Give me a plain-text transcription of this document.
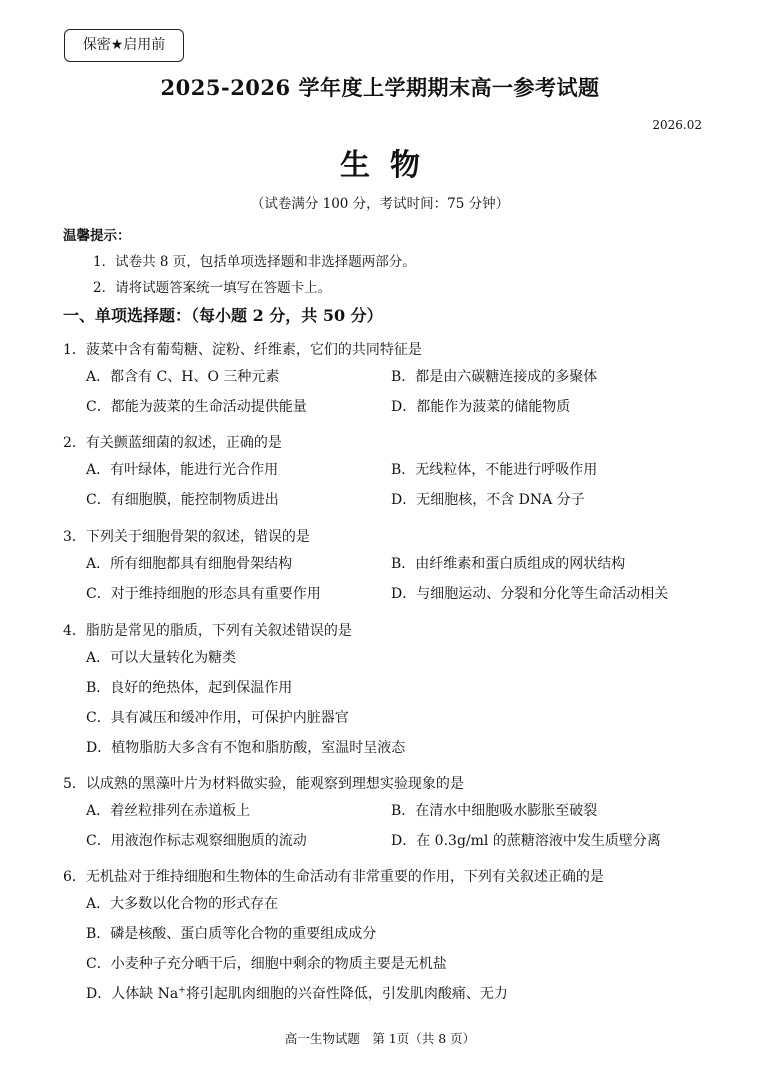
保密★启用前
2025-2026 学年度上学期期末高一参考试题
2026.02
生物
（试卷满分 100 分，考试时间：75 分钟）
温馨提示：
1．试卷共 8 页，包括单项选择题和非选择题两部分。
2．请将试题答案统一填写在答题卡上。
一、单项选择题：（每小题 2 分，共 50 分）
1．菠菜中含有葡萄糖、淀粉、纤维素，它们的共同特征是
A．都含有 C、H、O 三种元素	B．都是由六碳糖连接成的多聚体
C．都能为菠菜的生命活动提供能量	D．都能作为菠菜的储能物质
2．有关颤蓝细菌的叙述，正确的是
A．有叶绿体，能进行光合作用	B．无线粒体，不能进行呼吸作用
C．有细胞膜，能控制物质进出	D．无细胞核，不含 DNA 分子
3．下列关于细胞骨架的叙述，错误的是
A．所有细胞都具有细胞骨架结构	B．由纤维素和蛋白质组成的网状结构
C．对于维持细胞的形态具有重要作用	D．与细胞运动、分裂和分化等生命活动相关
4．脂肪是常见的脂质，下列有关叙述错误的是
A．可以大量转化为糖类
B．良好的绝热体，起到保温作用
C．具有减压和缓冲作用，可保护内脏器官
D．植物脂肪大多含有不饱和脂肪酸，室温时呈液态
5．以成熟的黑藻叶片为材料做实验，能观察到理想实验现象的是
A．着丝粒排列在赤道板上	B．在清水中细胞吸水膨胀至破裂
C．用液泡作标志观察细胞质的流动	D．在 0.3g/ml 的蔗糖溶液中发生质壁分离
6．无机盐对于维持细胞和生物体的生命活动有非常重要的作用，下列有关叙述正确的是
A．大多数以化合物的形式存在
B．磷是核酸、蛋白质等化合物的重要组成成分
C．小麦种子充分晒干后，细胞中剩余的物质主要是无机盐
D．人体缺 Na+将引起肌肉细胞的兴奋性降低，引发肌肉酸痛、无力
高一生物试题　第 1页（共 8 页）
